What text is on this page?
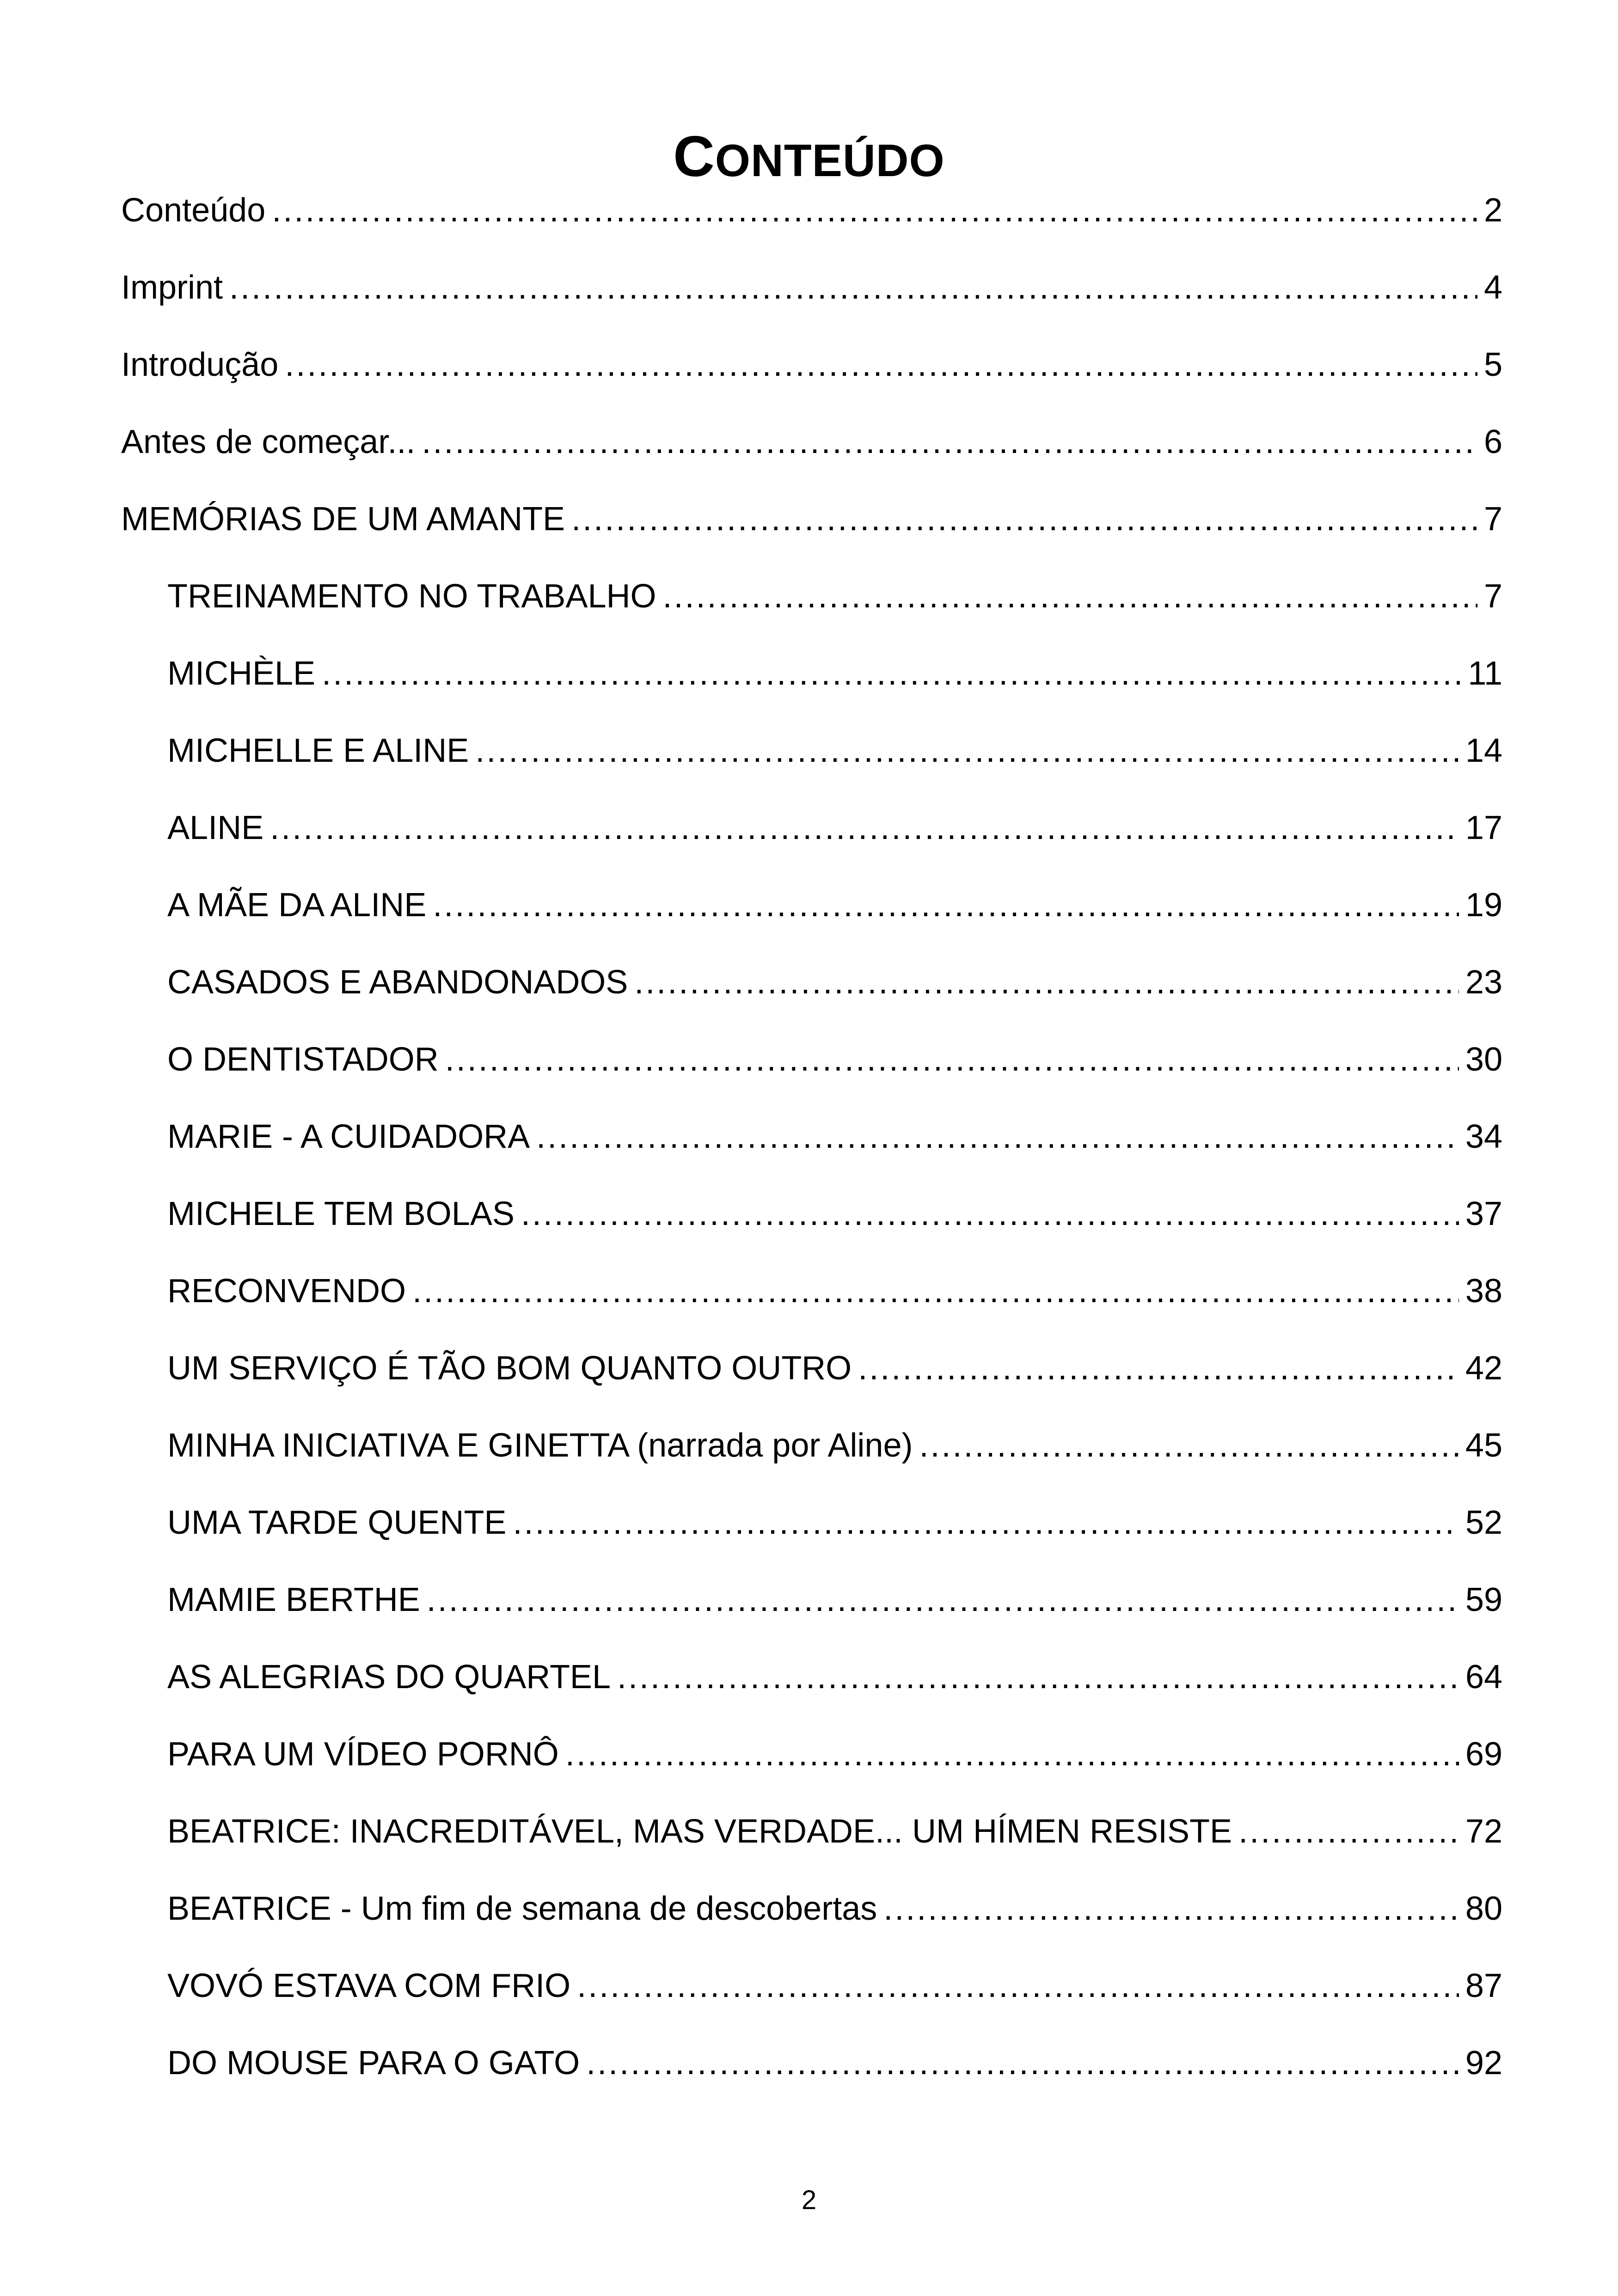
CONTEÚDO
Conteúdo .....	2
Imprint .....	4
Introdução .....	5
Antes de começar... .....	6
MEMÓRIAS DE UM AMANTE .....	7
TREINAMENTO NO TRABALHO .....	7
MICHÈLE .....	11
MICHELLE E ALINE .....	14
ALINE .....	17
A MÃE DA ALINE .....	19
CASADOS E ABANDONADOS .....	23
O DENTISTADOR .....	30
MARIE - A CUIDADORA .....	34
MICHELE TEM BOLAS .....	37
RECONVENDO .....	38
UM SERVIÇO É TÃO BOM QUANTO OUTRO .....	42
MINHA INICIATIVA E GINETTA (narrada por Aline) .....	45
UMA TARDE QUENTE .....	52
MAMIE BERTHE .....	59
AS ALEGRIAS DO QUARTEL .....	64
PARA UM VÍDEO PORNÔ .....	69
BEATRICE: INACREDITÁVEL, MAS VERDADE... UM HÍMEN RESISTE .....	72
BEATRICE - Um fim de semana de descobertas .....	80
VOVÓ ESTAVA COM FRIO .....	87
DO MOUSE PARA O GATO .....	92
2
